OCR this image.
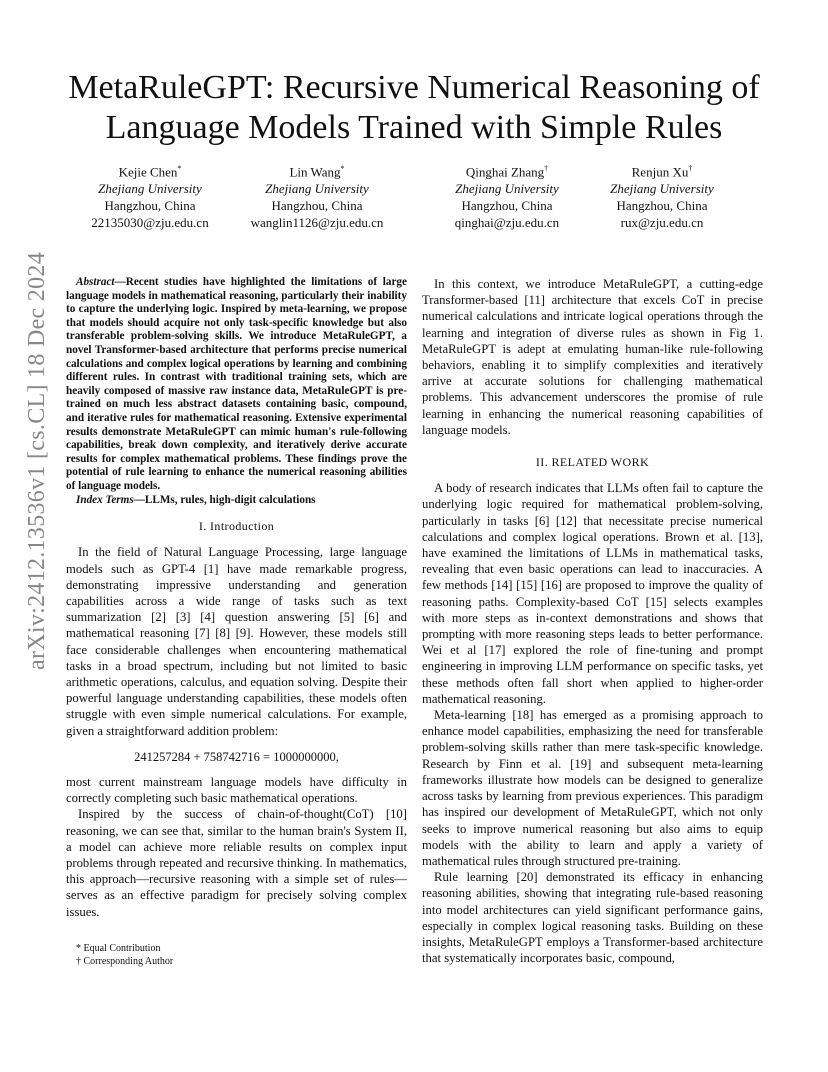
MetaRuleGPT: Recursive Numerical Reasoning of
Language Models Trained with Simple Rules
Kejie Chen*
Zhejiang University
Hangzhou, China
22135030@zju.edu.cn
Lin Wang*
Zhejiang University
Hangzhou, China
wanglin1126@zju.edu.cn
Qinghai Zhang†
Zhejiang University
Hangzhou, China
qinghai@zju.edu.cn
Renjun Xu†
Zhejiang University
Hangzhou, China
rux@zju.edu.cn
arXiv:2412.13536v1 [cs.CL] 18 Dec 2024	Abstract—Recent studies have highlighted the limitations of large language models in mathematical reasoning, particularly their inability to capture the underlying logic. Inspired by meta-learning, we propose that models should acquire not only task-specific knowledge but also transferable problem-solving skills. We introduce MetaRuleGPT, a novel Transformer-based architecture that performs precise numerical calculations and complex logical operations by learning and combining different rules. In contrast with traditional training sets, which are heavily composed of massive raw instance data, MetaRuleGPT is pre-trained on much less abstract datasets containing basic, compound, and iterative rules for mathematical reasoning. Extensive experimental results demonstrate MetaRuleGPT can mimic human's rule-following capabilities, break down complexity, and iteratively derive accurate results for complex mathematical problems. These findings prove the potential of rule learning to enhance the numerical reasoning abilities of language models.

Index Terms—LLMs, rules, high-digit calculations

I. Introduction

In the field of Natural Language Processing, large language models such as GPT-4 [1] have made remarkable progress, demonstrating impressive understanding and generation capabilities across a wide range of tasks such as text summarization [2] [3] [4] question answering [5] [6] and mathematical reasoning [7] [8] [9]. However, these models still face considerable challenges when encountering mathematical tasks in a broad spectrum, including but not limited to basic arithmetic operations, calculus, and equation solving. Despite their powerful language understanding capabilities, these models often struggle with even simple numerical calculations. For example, given a straightforward addition problem:

241257284 + 758742716 = 1000000000,

most current mainstream language models have difficulty in correctly completing such basic mathematical operations.

Inspired by the success of chain-of-thought(CoT) [10] reasoning, we can see that, similar to the human brain's System II, a model can achieve more reliable results on complex input problems through repeated and recursive thinking. In mathematics, this approach—recursive reasoning with a simple set of rules—serves as an effective paradigm for precisely solving complex issues.

* Equal Contribution
† Corresponding Author

In this context, we introduce MetaRuleGPT, a cutting-edge Transformer-based [11] architecture that excels CoT in precise numerical calculations and intricate logical operations through the learning and integration of diverse rules as shown in Fig 1. MetaRuleGPT is adept at emulating human-like rule-following behaviors, enabling it to simplify complexities and iteratively arrive at accurate solutions for challenging mathematical problems. This advancement underscores the promise of rule learning in enhancing the numerical reasoning capabilities of language models.

II. RELATED WORK

A body of research indicates that LLMs often fail to capture the underlying logic required for mathematical problem-solving, particularly in tasks [6] [12] that necessitate precise numerical calculations and complex logical operations. Brown et al. [13], have examined the limitations of LLMs in mathematical tasks, revealing that even basic operations can lead to inaccuracies. A few methods [14] [15] [16] are proposed to improve the quality of reasoning paths. Complexity-based CoT [15] selects examples with more steps as in-context demonstrations and shows that prompting with more reasoning steps leads to better performance. Wei et al [17] explored the role of fine-tuning and prompt engineering in improving LLM performance on specific tasks, yet these methods often fall short when applied to higher-order mathematical reasoning.

Meta-learning [18] has emerged as a promising approach to enhance model capabilities, emphasizing the need for transferable problem-solving skills rather than mere task-specific knowledge. Research by Finn et al. [19] and subsequent meta-learning frameworks illustrate how models can be designed to generalize across tasks by learning from previous experiences. This paradigm has inspired our development of MetaRuleGPT, which not only seeks to improve numerical reasoning but also aims to equip models with the ability to learn and apply a variety of mathematical rules through structured pre-training.

Rule learning [20] demonstrated its efficacy in enhancing reasoning abilities, showing that integrating rule-based reasoning into model architectures can yield significant performance gains, especially in complex logical reasoning tasks. Building on these insights, MetaRuleGPT employs a Transformer-based architecture that systematically incorporates basic, compound,
